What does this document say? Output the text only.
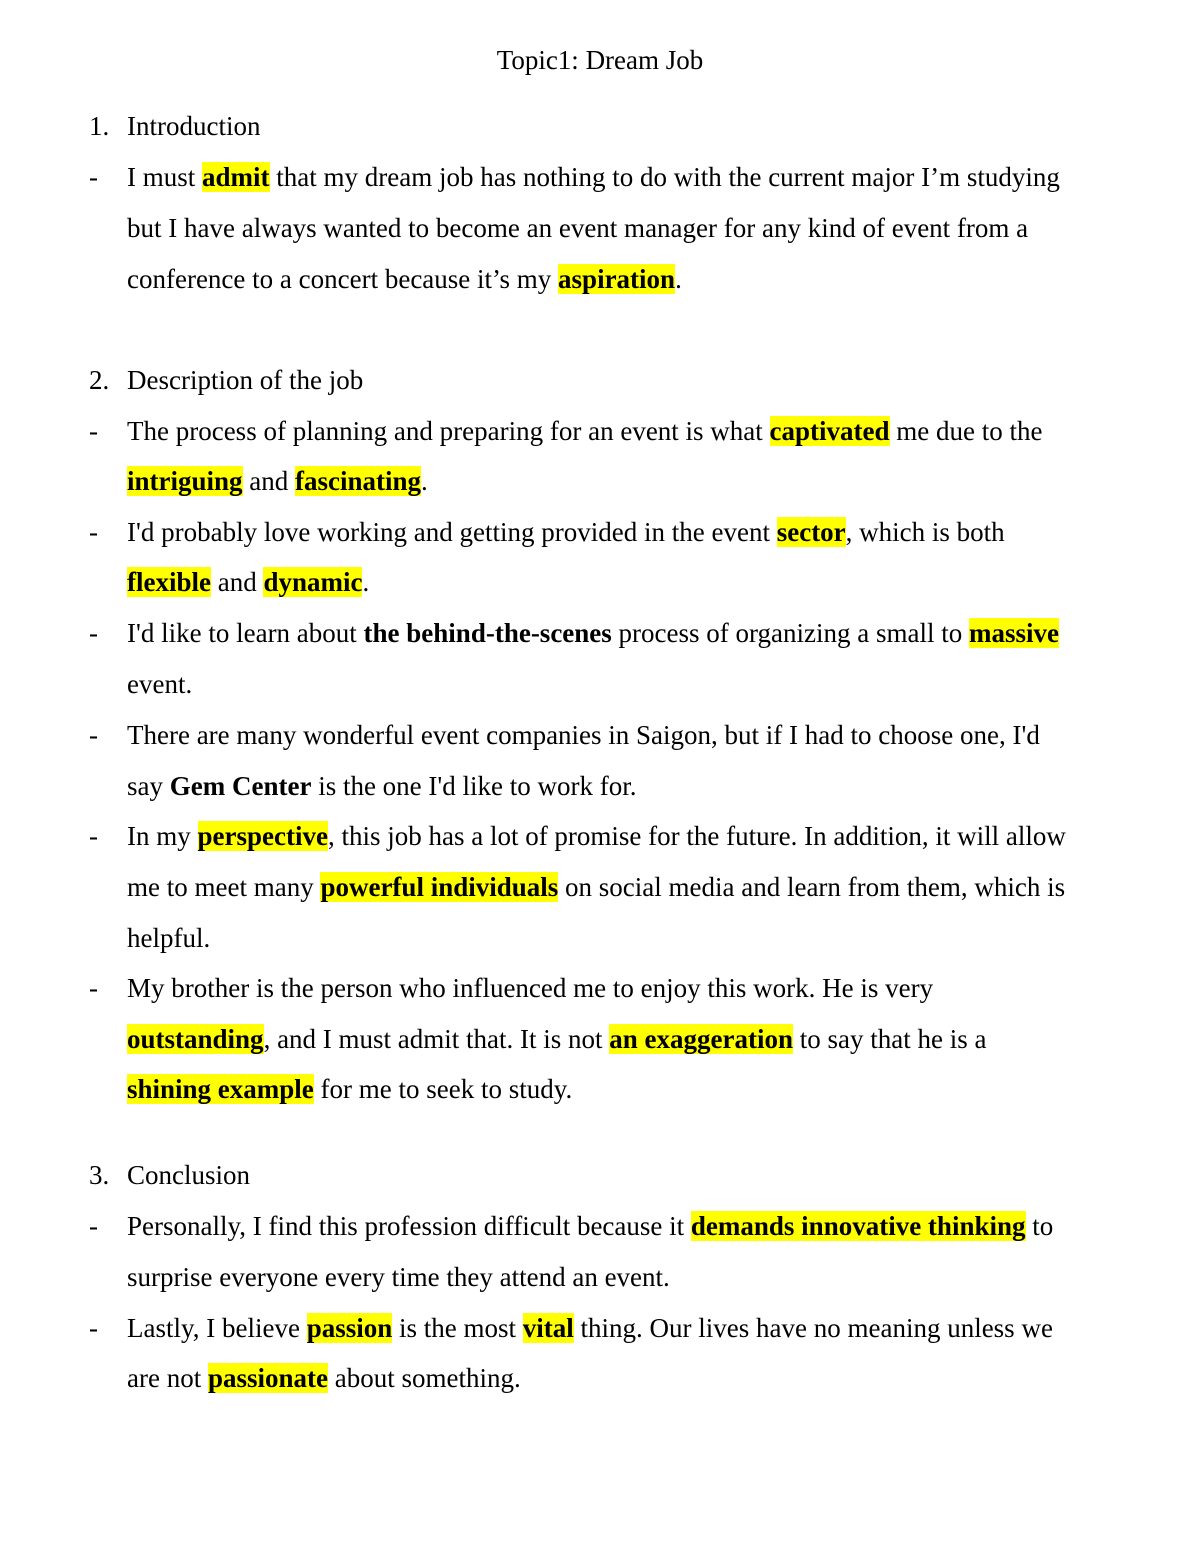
Topic1: Dream Job
1. Introduction
- I must admit that my dream job has nothing to do with the current major I’m studying
but I have always wanted to become an event manager for any kind of event from a
conference to a concert because it’s my aspiration.
2. Description of the job
- The process of planning and preparing for an event is what captivated me due to the
intriguing and fascinating.
- I'd probably love working and getting provided in the event sector, which is both
flexible and dynamic.
- I'd like to learn about the behind-the-scenes process of organizing a small to massive
event.
- There are many wonderful event companies in Saigon, but if I had to choose one, I'd
say Gem Center is the one I'd like to work for.
- In my perspective, this job has a lot of promise for the future. In addition, it will allow
me to meet many powerful individuals on social media and learn from them, which is
helpful.
- My brother is the person who influenced me to enjoy this work. He is very
outstanding, and I must admit that. It is not an exaggeration to say that he is a
shining example for me to seek to study.
3. Conclusion
- Personally, I find this profession difficult because it demands innovative thinking to
surprise everyone every time they attend an event.
- Lastly, I believe passion is the most vital thing. Our lives have no meaning unless we
are not passionate about something.
